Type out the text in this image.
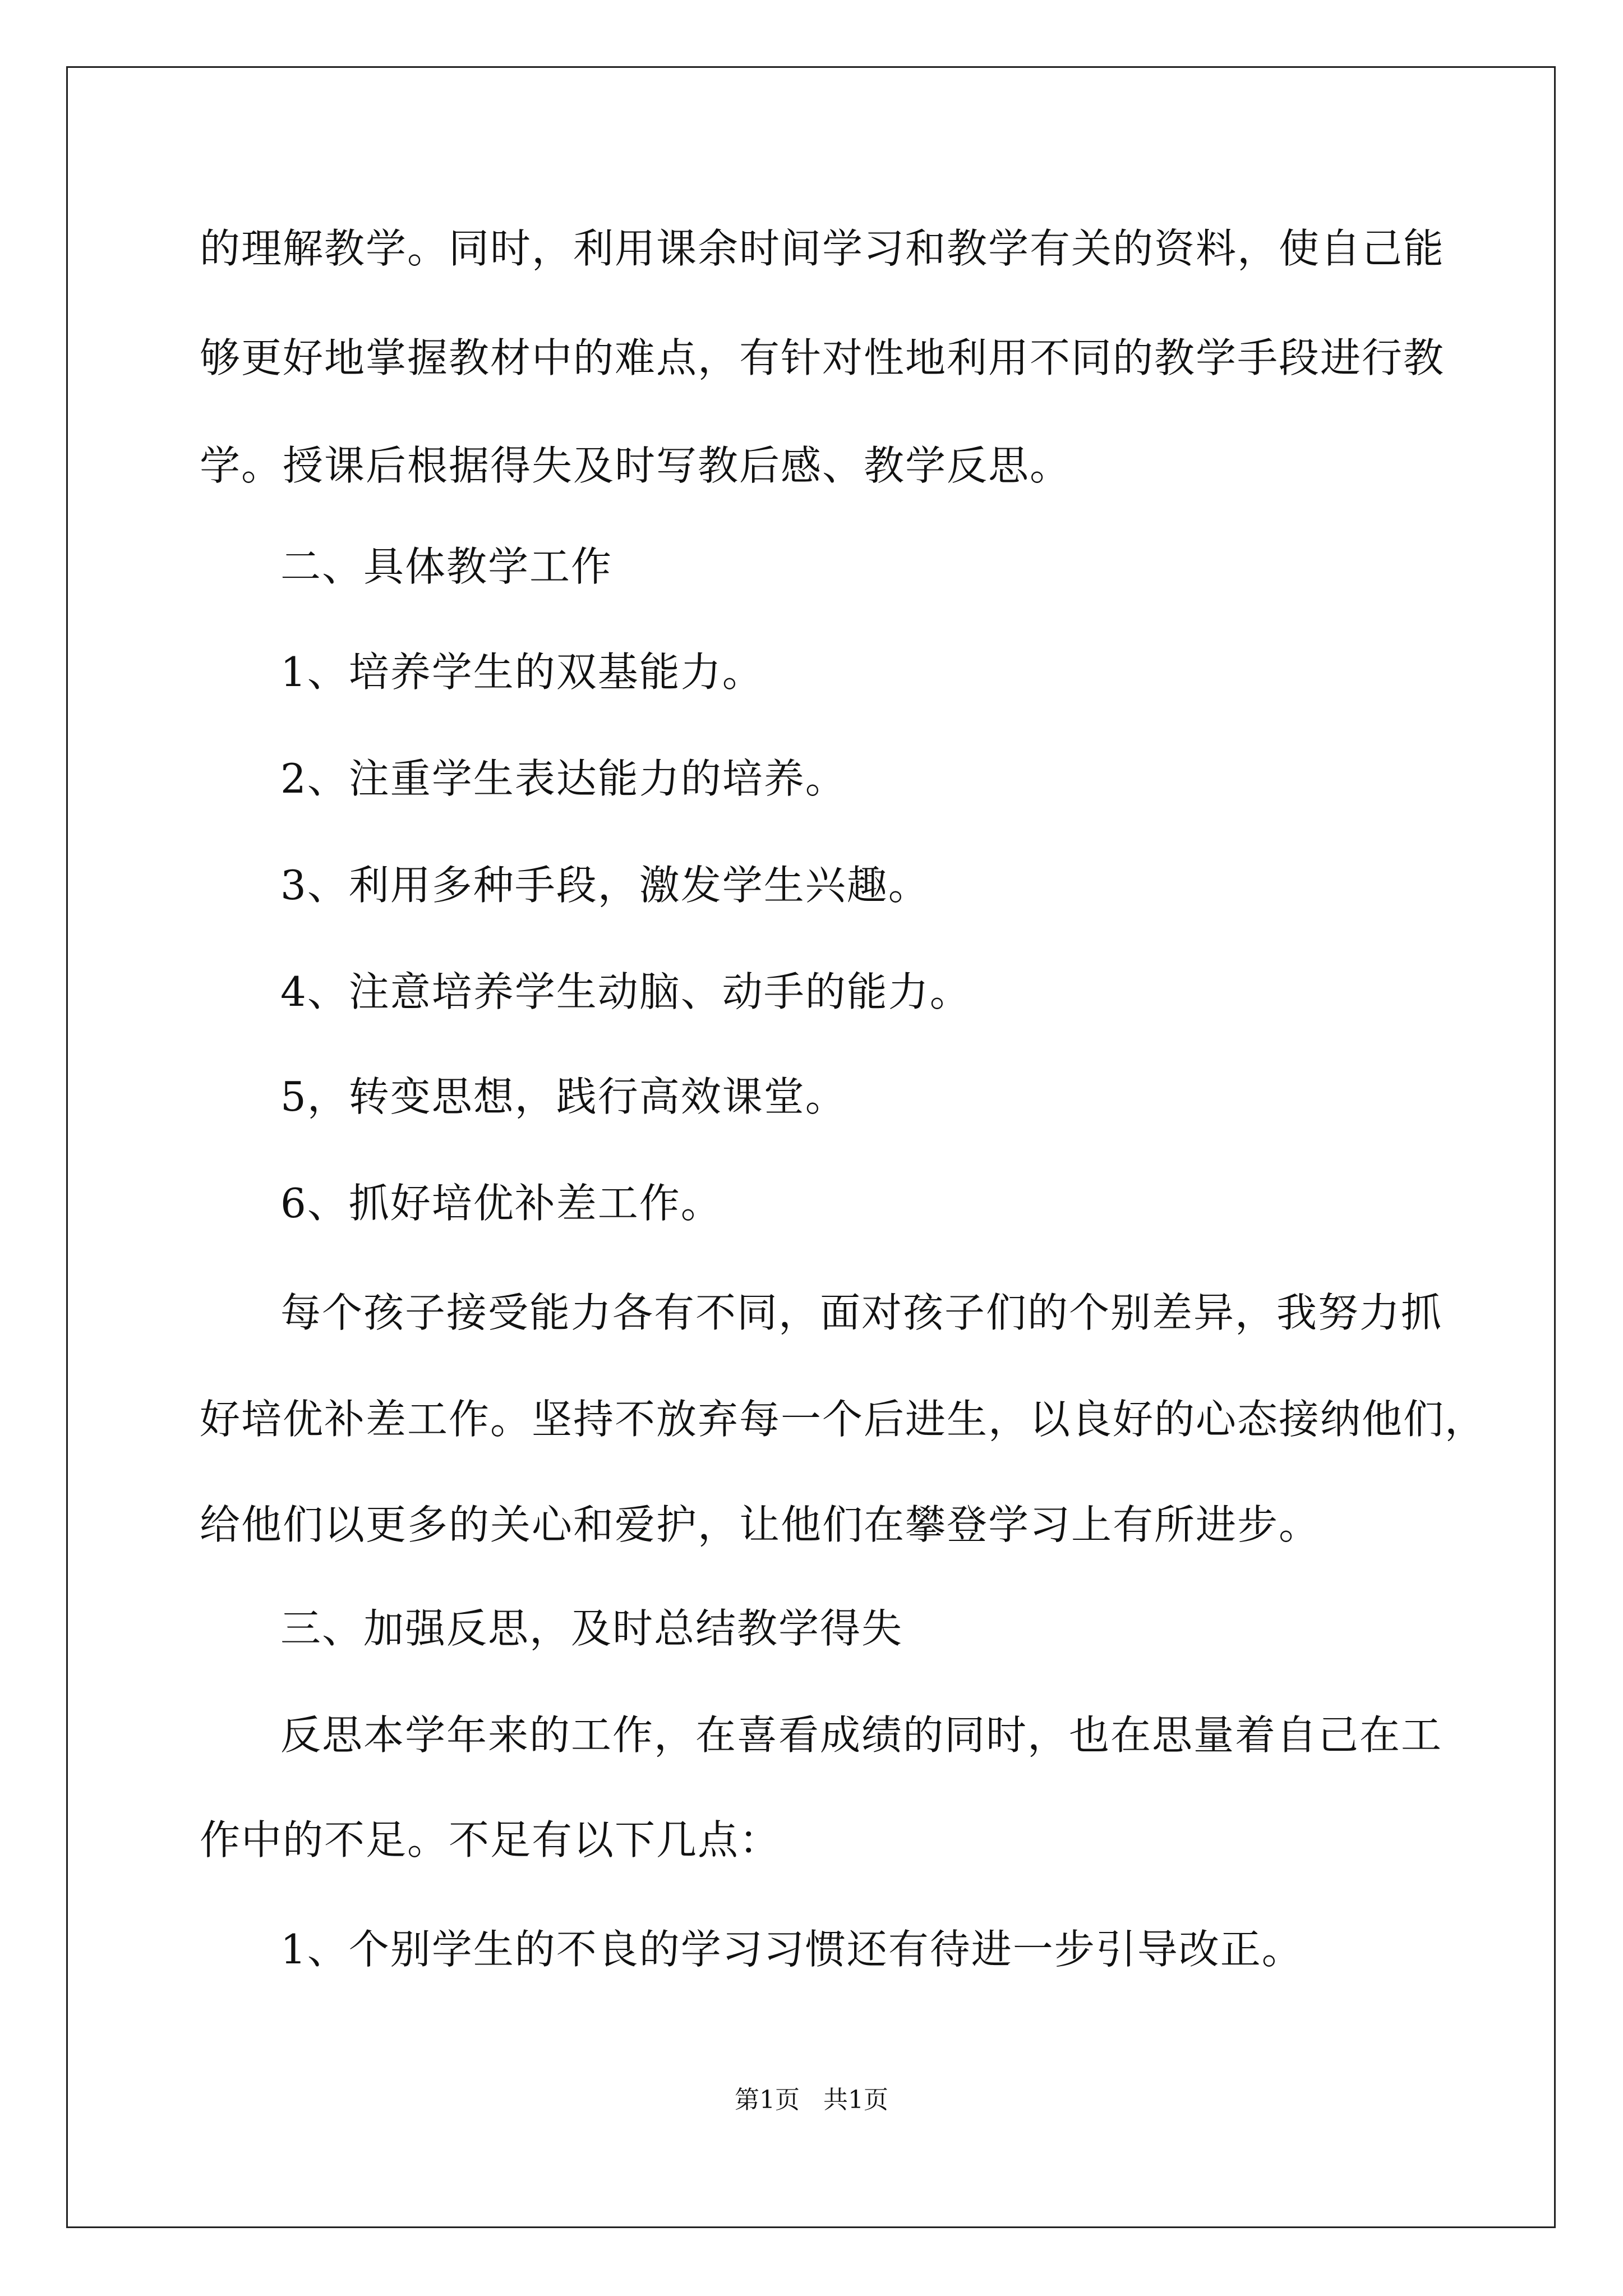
的理解教学。同时，利用课余时间学习和教学有关的资料，使自己能
够更好地掌握教材中的难点，有针对性地利用不同的教学手段进行教
学。授课后根据得失及时写教后感、教学反思。
二、具体教学工作
1、培养学生的双基能力。
2、注重学生表达能力的培养。
3、利用多种手段，激发学生兴趣。
4、注意培养学生动脑、动手的能力。
5，转变思想，践行高效课堂。
6、抓好培优补差工作。
每个孩子接受能力各有不同，面对孩子们的个别差异，我努力抓
好培优补差工作。坚持不放弃每一个后进生，以良好的心态接纳他们，
给他们以更多的关心和爱护，让他们在攀登学习上有所进步。
三、加强反思，及时总结教学得失
反思本学年来的工作，在喜看成绩的同时，也在思量着自己在工
作中的不足。不足有以下几点：
1、个别学生的不良的学习习惯还有待进一步引导改正。
第1页 共1页
